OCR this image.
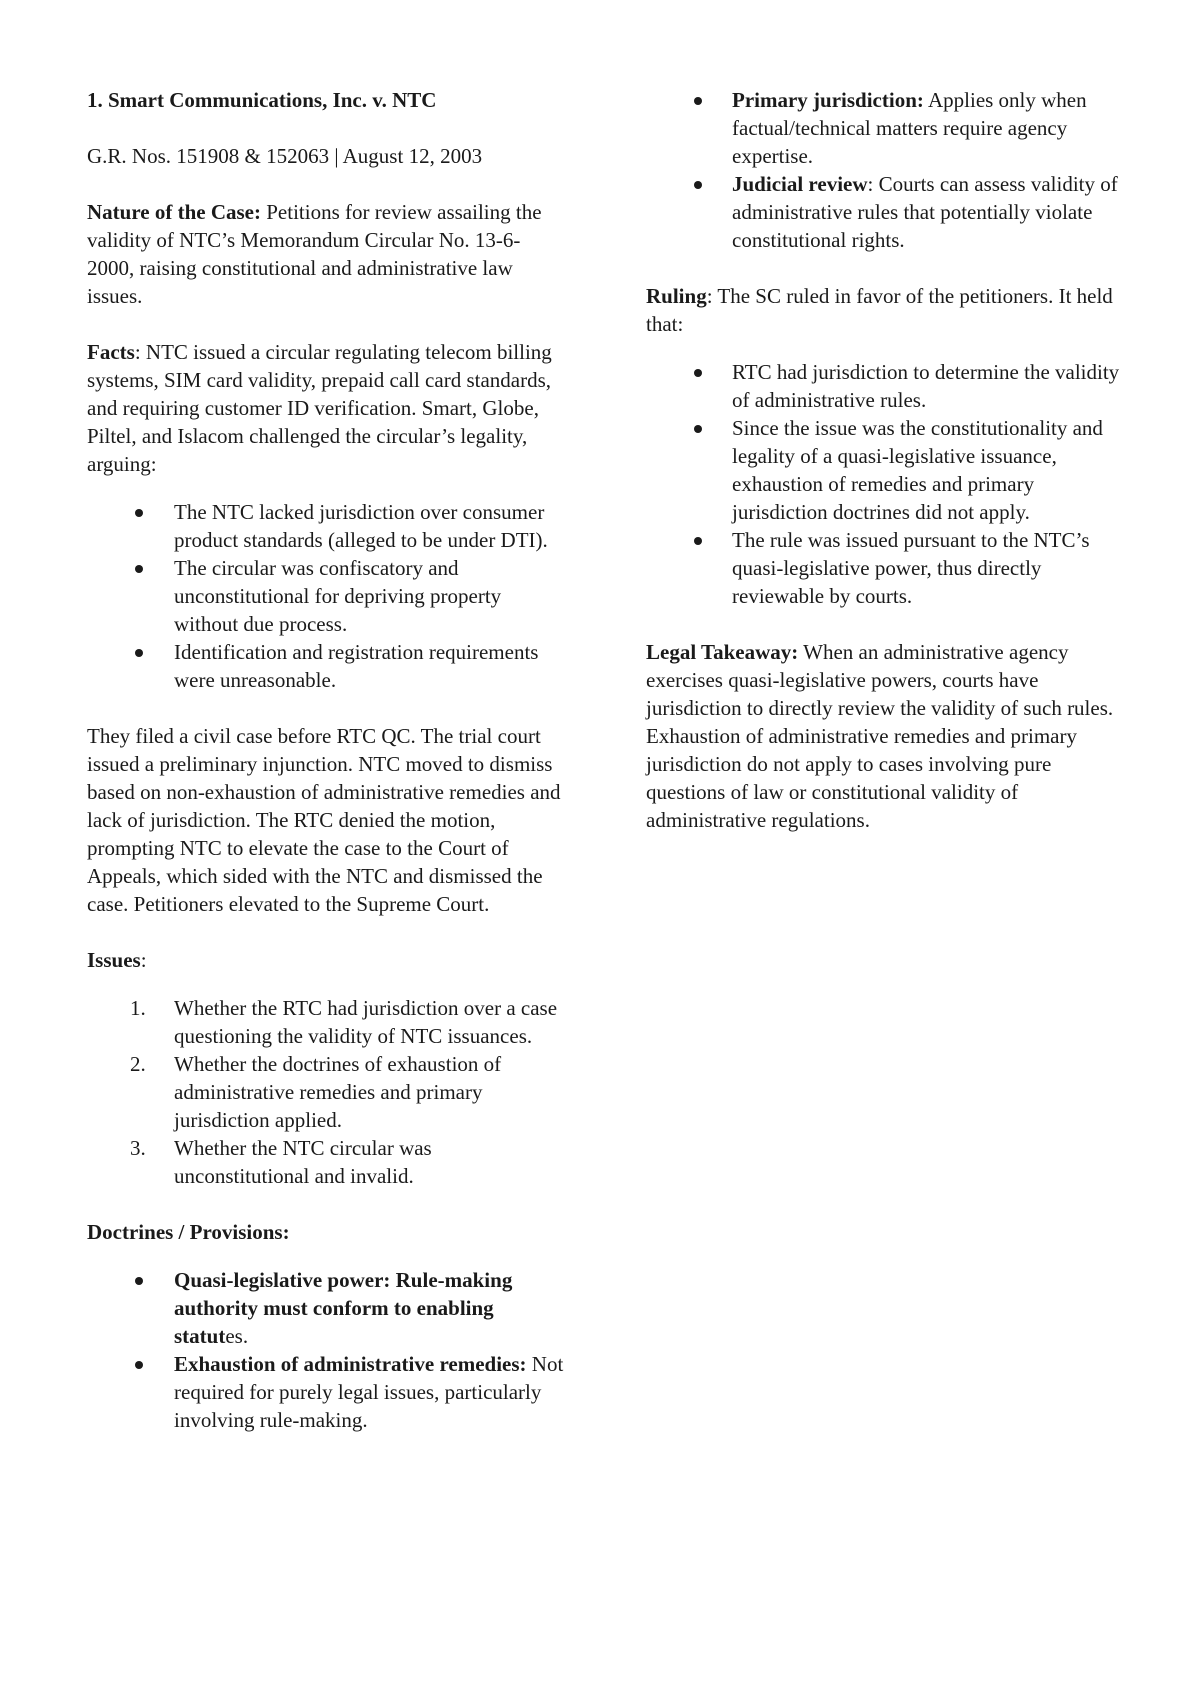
1. Smart Communications, Inc. v. NTC

G.R. Nos. 151908 & 152063 | August 12, 2003

Nature of the Case: Petitions for review assailing the validity of NTC’s Memorandum Circular No. 13-6-2000, raising constitutional and administrative law issues.

Facts: NTC issued a circular regulating telecom billing systems, SIM card validity, prepaid call card standards, and requiring customer ID verification. Smart, Globe, Piltel, and Islacom challenged the circular’s legality, arguing:

The NTC lacked jurisdiction over consumer product standards (alleged to be under DTI).
The circular was confiscatory and unconstitutional for depriving property without due process.
Identification and registration requirements were unreasonable.

They filed a civil case before RTC QC. The trial court issued a preliminary injunction. NTC moved to dismiss based on non-exhaustion of administrative remedies and lack of jurisdiction. The RTC denied the motion, prompting NTC to elevate the case to the Court of Appeals, which sided with the NTC and dismissed the case. Petitioners elevated to the Supreme Court.

Issues:

1. Whether the RTC had jurisdiction over a case questioning the validity of NTC issuances.
2. Whether the doctrines of exhaustion of administrative remedies and primary jurisdiction applied.
3. Whether the NTC circular was unconstitutional and invalid.

Doctrines / Provisions:

Quasi-legislative power: Rule-making authority must conform to enabling statutes.
Exhaustion of administrative remedies: Not required for purely legal issues, particularly involving rule-making.
Primary jurisdiction: Applies only when factual/technical matters require agency expertise.
Judicial review: Courts can assess validity of administrative rules that potentially violate constitutional rights.

Ruling: The SC ruled in favor of the petitioners. It held that:

RTC had jurisdiction to determine the validity of administrative rules.
Since the issue was the constitutionality and legality of a quasi-legislative issuance, exhaustion of remedies and primary jurisdiction doctrines did not apply.
The rule was issued pursuant to the NTC’s quasi-legislative power, thus directly reviewable by courts.

Legal Takeaway: When an administrative agency exercises quasi-legislative powers, courts have jurisdiction to directly review the validity of such rules. Exhaustion of administrative remedies and primary jurisdiction do not apply to cases involving pure questions of law or constitutional validity of administrative regulations.
